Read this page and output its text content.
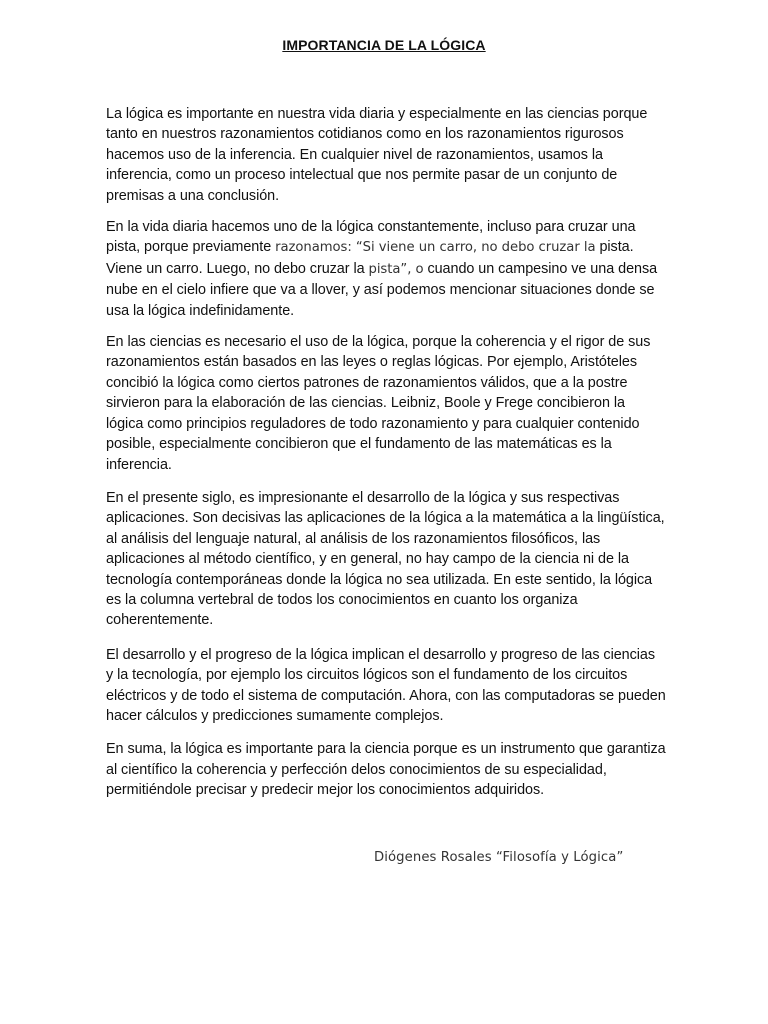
IMPORTANCIA DE LA LÓGICA

La lógica es importante en nuestra vida diaria y especialmente en las ciencias porque tanto en nuestros razonamientos cotidianos como en los razonamientos rigurosos hacemos uso de la inferencia. En cualquier nivel de razonamientos, usamos la inferencia, como un proceso intelectual que nos permite pasar de un conjunto de premisas a una conclusión.

En la vida diaria hacemos uno de la lógica constantemente, incluso para cruzar una pista, porque previamente razonamos: “Si viene un carro, no debo cruzar la pista. Viene un carro. Luego, no debo cruzar la pista”, o cuando un campesino ve una densa nube en el cielo infiere que va a llover, y así podemos mencionar situaciones donde se usa la lógica indefinidamente.

En las ciencias es necesario el uso de la lógica, porque la coherencia y el rigor de sus razonamientos están basados en las leyes o reglas lógicas. Por ejemplo, Aristóteles concibió la lógica como ciertos patrones de razonamientos válidos, que a la postre sirvieron para la elaboración de las ciencias. Leibniz, Boole y Frege concibieron la lógica como principios reguladores de todo razonamiento y para cualquier contenido posible, especialmente concibieron que el fundamento de las matemáticas es la inferencia.

En el presente siglo, es impresionante el desarrollo de la lógica y sus respectivas aplicaciones. Son decisivas las aplicaciones de la lógica a la matemática a la lingüística, al análisis del lenguaje natural, al análisis de los razonamientos filosóficos, las aplicaciones al método científico, y en general, no hay campo de la ciencia ni de la tecnología contemporáneas donde la lógica no sea utilizada. En este sentido, la lógica es la columna vertebral de todos los conocimientos en cuanto los organiza coherentemente.

El desarrollo y el progreso de la lógica implican el desarrollo y progreso de las ciencias y la tecnología, por ejemplo los circuitos lógicos son el fundamento de los circuitos eléctricos y de todo el sistema de computación. Ahora, con las computadoras se pueden hacer cálculos y predicciones sumamente complejos.

En suma, la lógica es importante para la ciencia porque es un instrumento que garantiza al científico la coherencia y perfección delos conocimientos de su especialidad, permitiéndole precisar y predecir mejor los conocimientos adquiridos.

Diógenes Rosales “Filosofía y Lógica”
